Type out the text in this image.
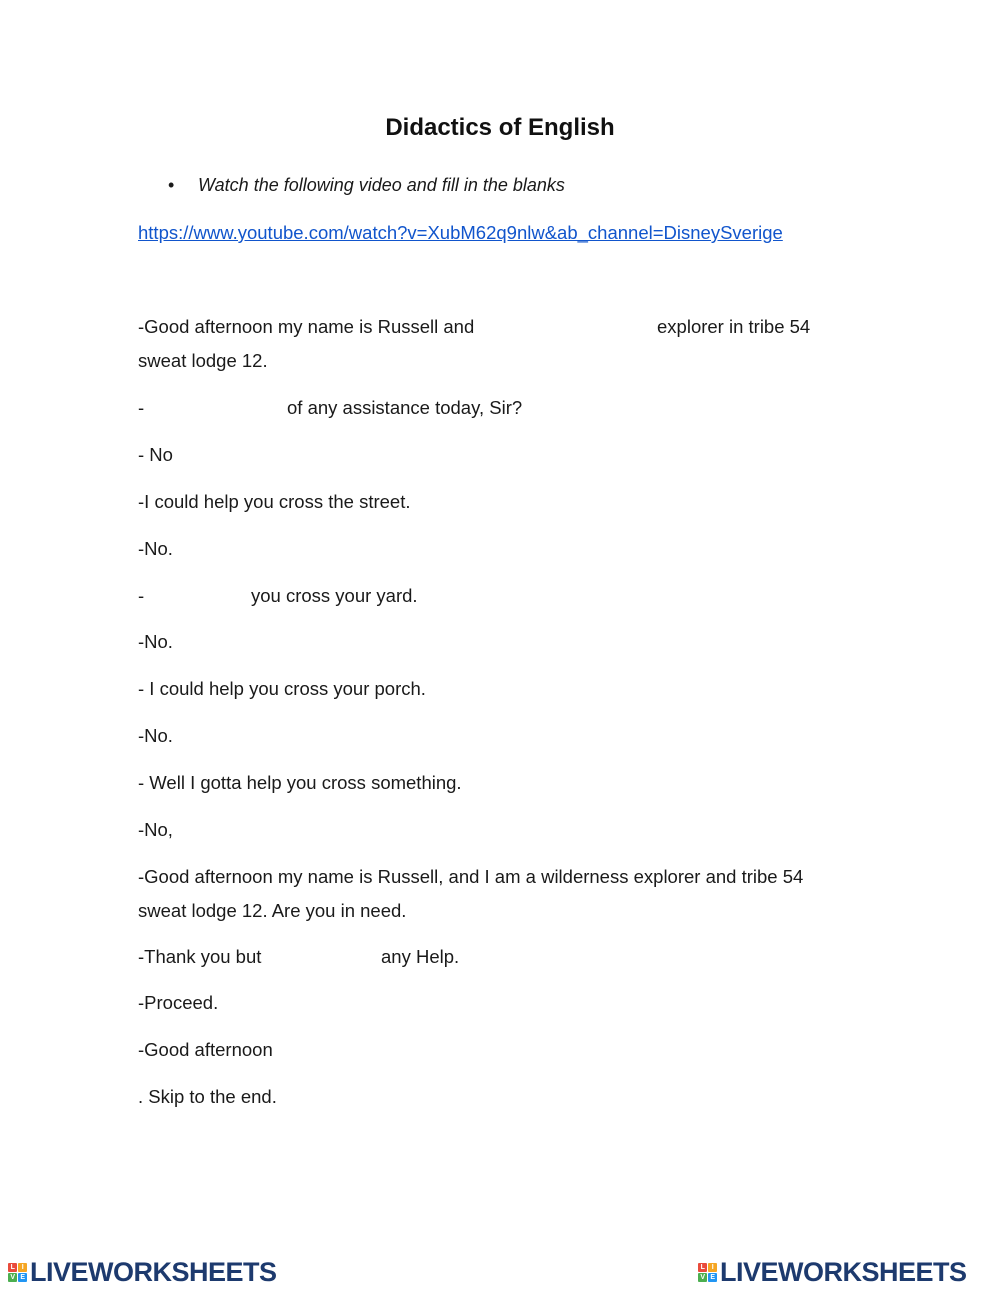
Didactics of English
• Watch the following video and fill in the blanks
https://www.youtube.com/watch?v=XubM62q9nlw&ab_channel=DisneySverige
-Good afternoon my name is Russell and	explorer in tribe 54
sweat lodge 12.
-	of any assistance today, Sir?
- No
-I could help you cross the street.
-No.
-	you cross your yard.
-No.
- I could help you cross your porch.
-No.
- Well I gotta help you cross something.
-No,
-Good afternoon my name is Russell, and I am a wilderness explorer and tribe 54
sweat lodge 12. Are you in need.
-Thank you but	any Help.
-Proceed.
-Good afternoon
. Skip to the end.
L	I
V E LIVEWORKSHEETS	L	I
V E LIVEWORKSHEETS
